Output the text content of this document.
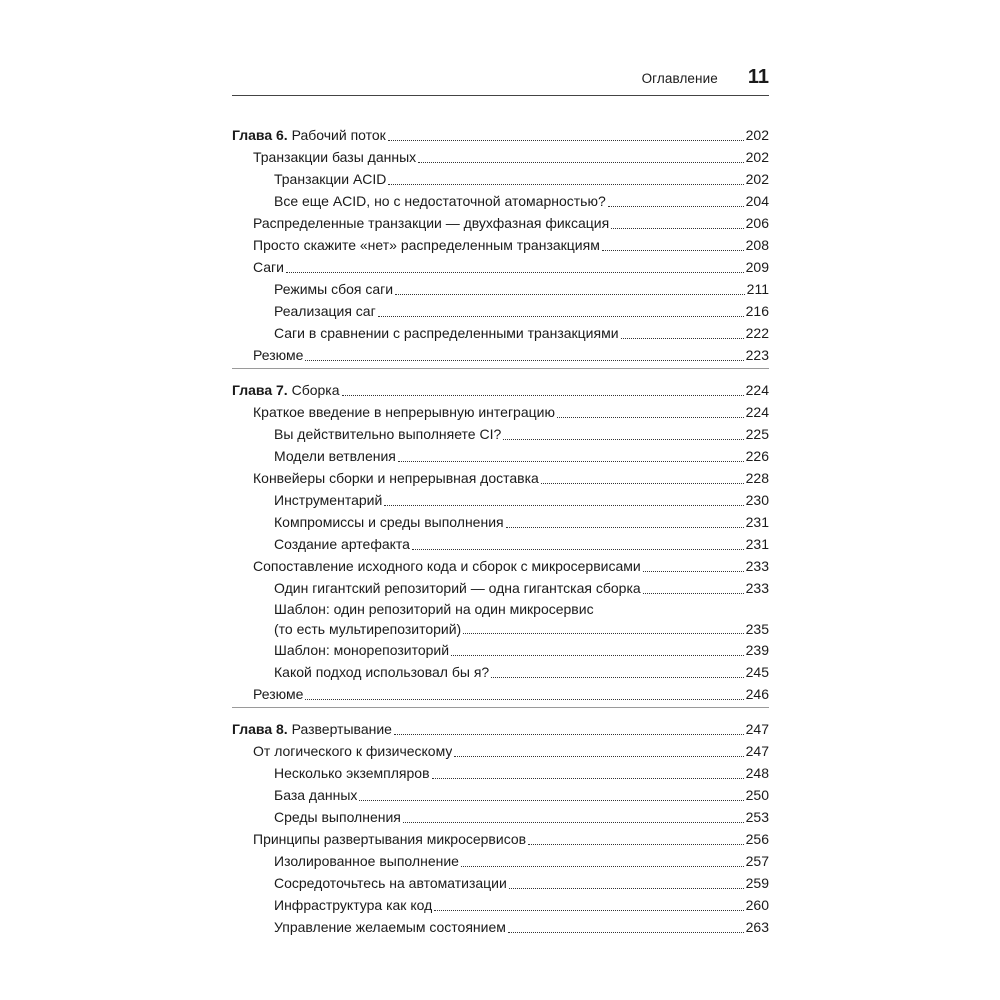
Оглавление 11
Глава 6. Рабочий поток	202
Транзакции базы данных	202
Транзакции ACID	202
Все еще ACID, но с недостаточной атомарностью?	204
Распределенные транзакции — двухфазная фиксация	206
Просто скажите «нет» распределенным транзакциям	208
Саги	209
Режимы сбоя саги	211
Реализация саг	216
Саги в сравнении с распределенными транзакциями	222
Резюме	223
Глава 7. Сборка	224
Краткое введение в непрерывную интеграцию	224
Вы действительно выполняете CI?	225
Модели ветвления	226
Конвейеры сборки и непрерывная доставка	228
Инструментарий	230
Компромиссы и среды выполнения	231
Создание артефакта	231
Сопоставление исходного кода и сборок с микросервисами	233
Один гигантский репозиторий — одна гигантская сборка	233
Шаблон: один репозиторий на один микросервис
(то есть мультирепозиторий)	235
Шаблон: монорепозиторий	239
Какой подход использовал бы я?	245
Резюме	246
Глава 8. Развертывание	247
От логического к физическому	247
Несколько экземпляров	248
База данных	250
Среды выполнения	253
Принципы развертывания микросервисов	256
Изолированное выполнение	257
Сосредоточьтесь на автоматизации	259
Инфраструктура как код	260
Управление желаемым состоянием	263
